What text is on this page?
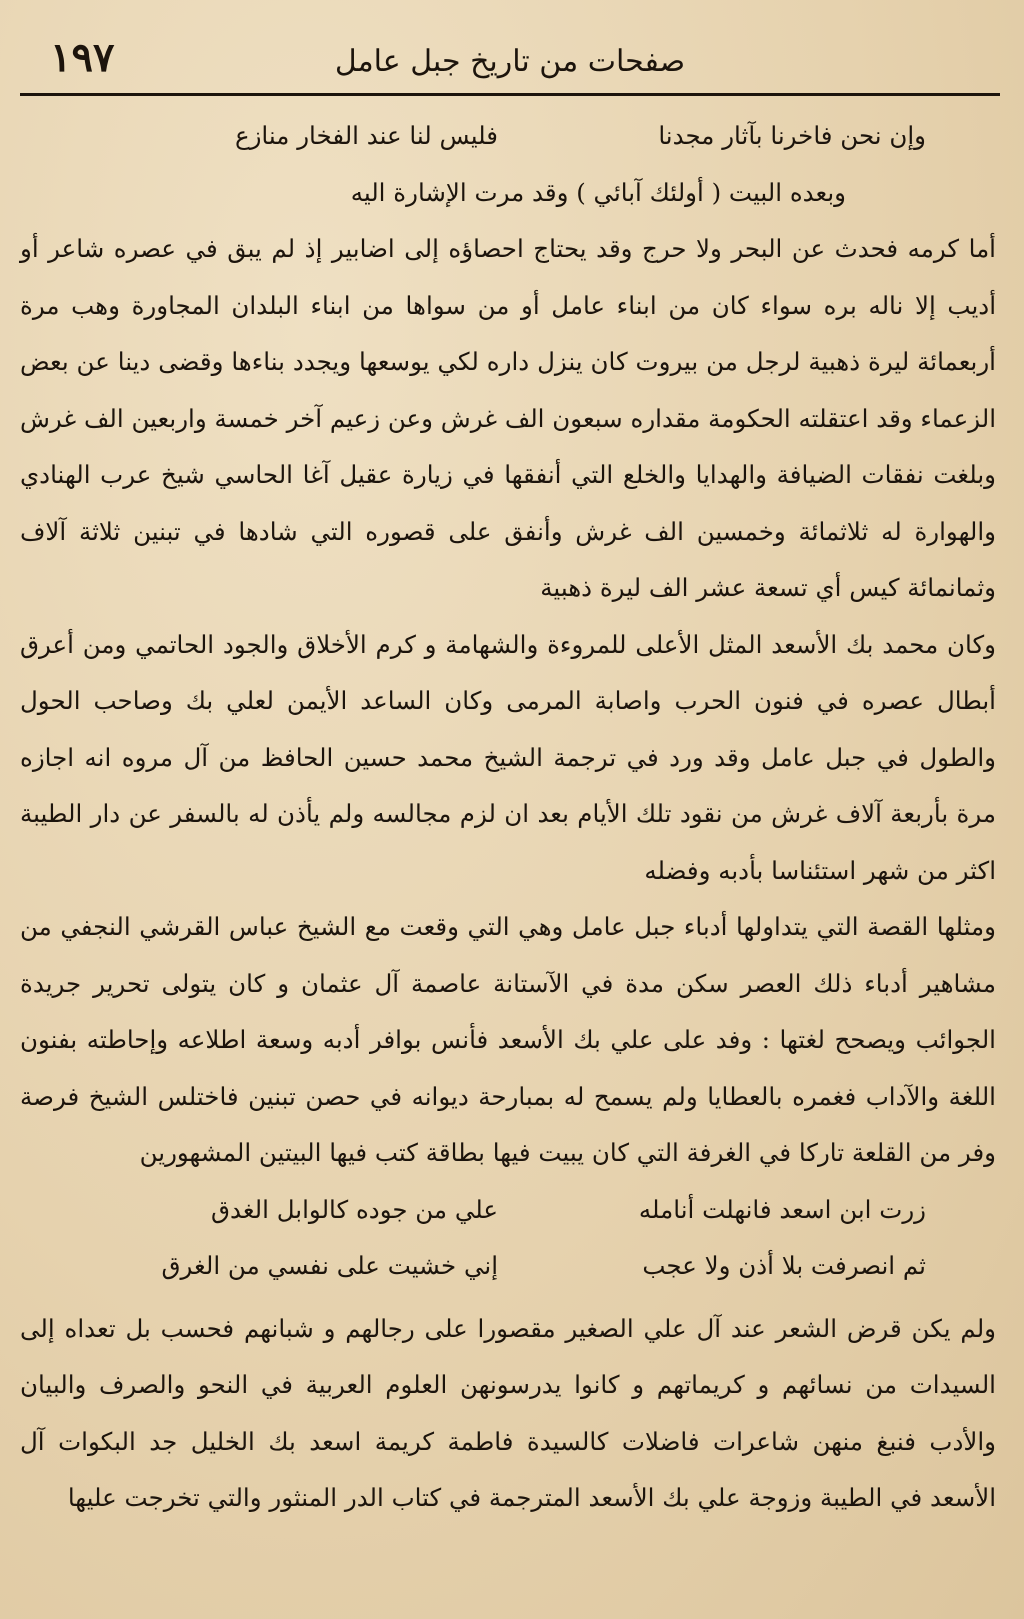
١٩٧	صفحات من تاريخ جبل عامل
وإن نحن فاخرنا بآثار مجدنا
فليس لنا عند الفخار منازع

وبعده البيت ( أولئك آبائي ) وقد مرت الإشارة اليه

أما كرمه فحدث عن البحر ولا حرج وقد يحتاج احصاؤه إلى اضابير إذ لم يبق في عصره شاعر أو أديب إلا ناله بره سواء كان من ابناء عامل أو من سواها من ابناء البلدان المجاورة وهب مرة أربعمائة ليرة ذهبية لرجل من بيروت كان ينزل داره لكي يوسعها ويجدد بناءها وقضى دينا عن بعض الزعماء وقد اعتقلته الحكومة مقداره سبعون الف غرش وعن زعيم آخر خمسة واربعين الف غرش وبلغت نفقات الضيافة والهدايا والخلع التي أنفقها في زيارة عقيل آغا الحاسي شيخ عرب الهنادي والهوارة له ثلاثمائة وخمسين الف غرش وأنفق على قصوره التي شادها في تبنين ثلاثة آلاف وثمانمائة كيس أي تسعة عشر الف ليرة ذهبية

وكان محمد بك الأسعد المثل الأعلى للمروءة والشهامة و كرم الأخلاق والجود الحاتمي ومن أعرق أبطال عصره في فنون الحرب واصابة المرمى وكان الساعد الأيمن لعلي بك وصاحب الحول والطول في جبل عامل وقد ورد في ترجمة الشيخ محمد حسين الحافظ من آل مروه انه اجازه مرة بأربعة آلاف غرش من نقود تلك الأيام بعد ان لزم مجالسه ولم يأذن له بالسفر عن دار الطيبة اكثر من شهر استئناسا بأدبه وفضله

ومثلها القصة التي يتداولها أدباء جبل عامل وهي التي وقعت مع الشيخ عباس القرشي النجفي من مشاهير أدباء ذلك العصر سكن مدة في الآستانة عاصمة آل عثمان و كان يتولى تحرير جريدة الجوائب ويصحح لغتها : وفد على علي بك الأسعد فأنس بوافر أدبه وسعة اطلاعه وإحاطته بفنون اللغة والآداب فغمره بالعطايا ولم يسمح له بمبارحة ديوانه في حصن تبنين فاختلس الشيخ فرصة وفر من القلعة تاركا في الغرفة التي كان يبيت فيها بطاقة كتب فيها البيتين المشهورين

زرت ابن اسعد فانهلت أنامله
علي من جوده كالوابل الغدق
ثم انصرفت بلا أذن ولا عجب
إني خشيت على نفسي من الغرق

ولم يكن قرض الشعر عند آل علي الصغير مقصورا على رجالهم و شبانهم فحسب بل تعداه إلى السيدات من نسائهم و كريماتهم و كانوا يدرسونهن العلوم العربية في النحو والصرف والبيان والأدب فنبغ منهن شاعرات فاضلات كالسيدة فاطمة كريمة اسعد بك الخليل جد البكوات آل الأسعد في الطيبة وزوجة علي بك الأسعد المترجمة في كتاب الدر المنثور والتي تخرجت عليها
